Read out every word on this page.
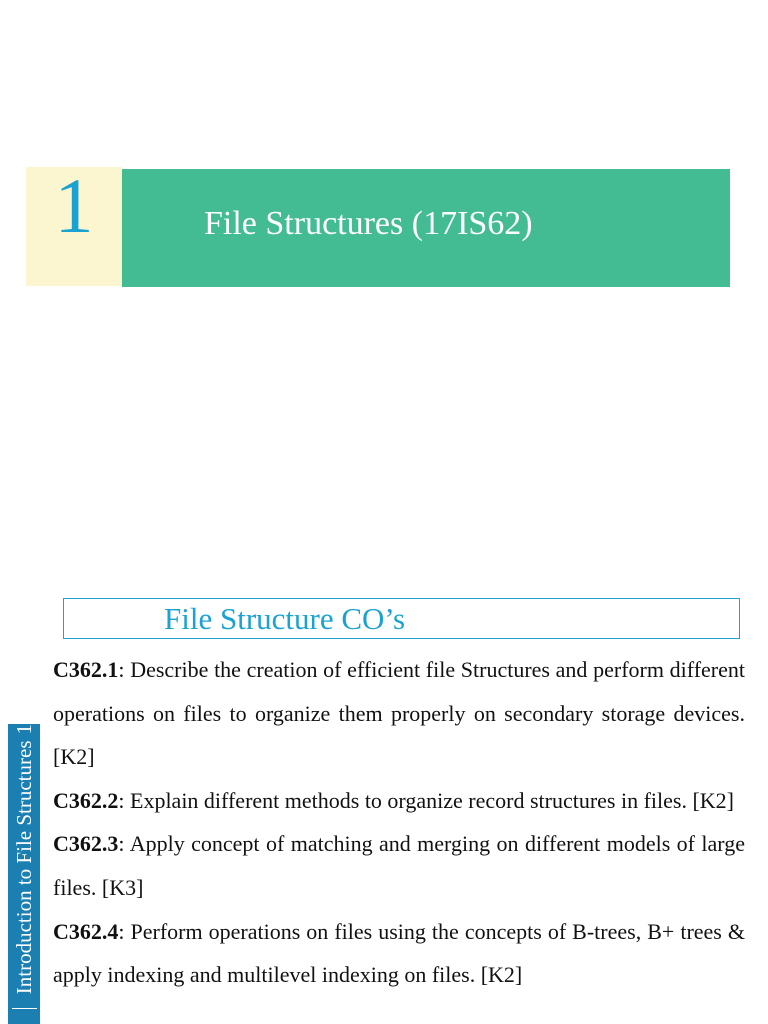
1	File Structures (17IS62)
File Structure CO’s

C362.1: Describe the creation of efficient file Structures and perform different operations on files to organize them properly on secondary storage devices. [K2]

C362.2: Explain different methods to organize record structures in files. [K2]

C362.3: Apply concept of matching and merging on different models of large files. [K3]

C362.4: Perform operations on files using the concepts of B-trees, B+ trees & apply indexing and multilevel indexing on files. [K2]

1
Introduction to File Structures
